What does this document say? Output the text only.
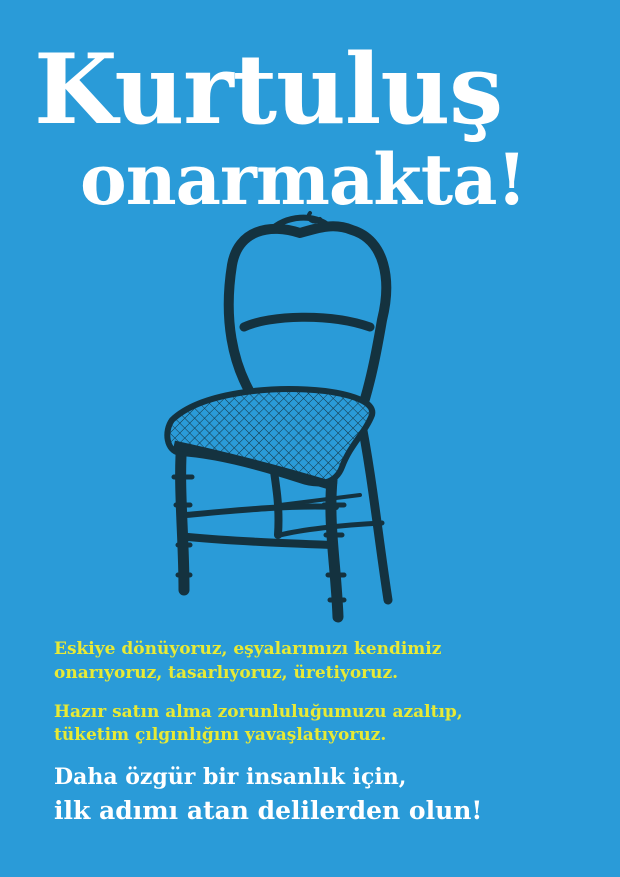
Kurtuluş
onarmakta!
Eskiye dönüyoruz, eşyalarımızı kendimiz
onarıyoruz, tasarlıyoruz, üretiyoruz.
Hazır satın alma zorunluluğumuzu azaltıp,
tüketim çılgınlığını yavaşlatıyoruz.
Daha özgür bir insanlık için,
ilk adımı atan delilerden olun!
